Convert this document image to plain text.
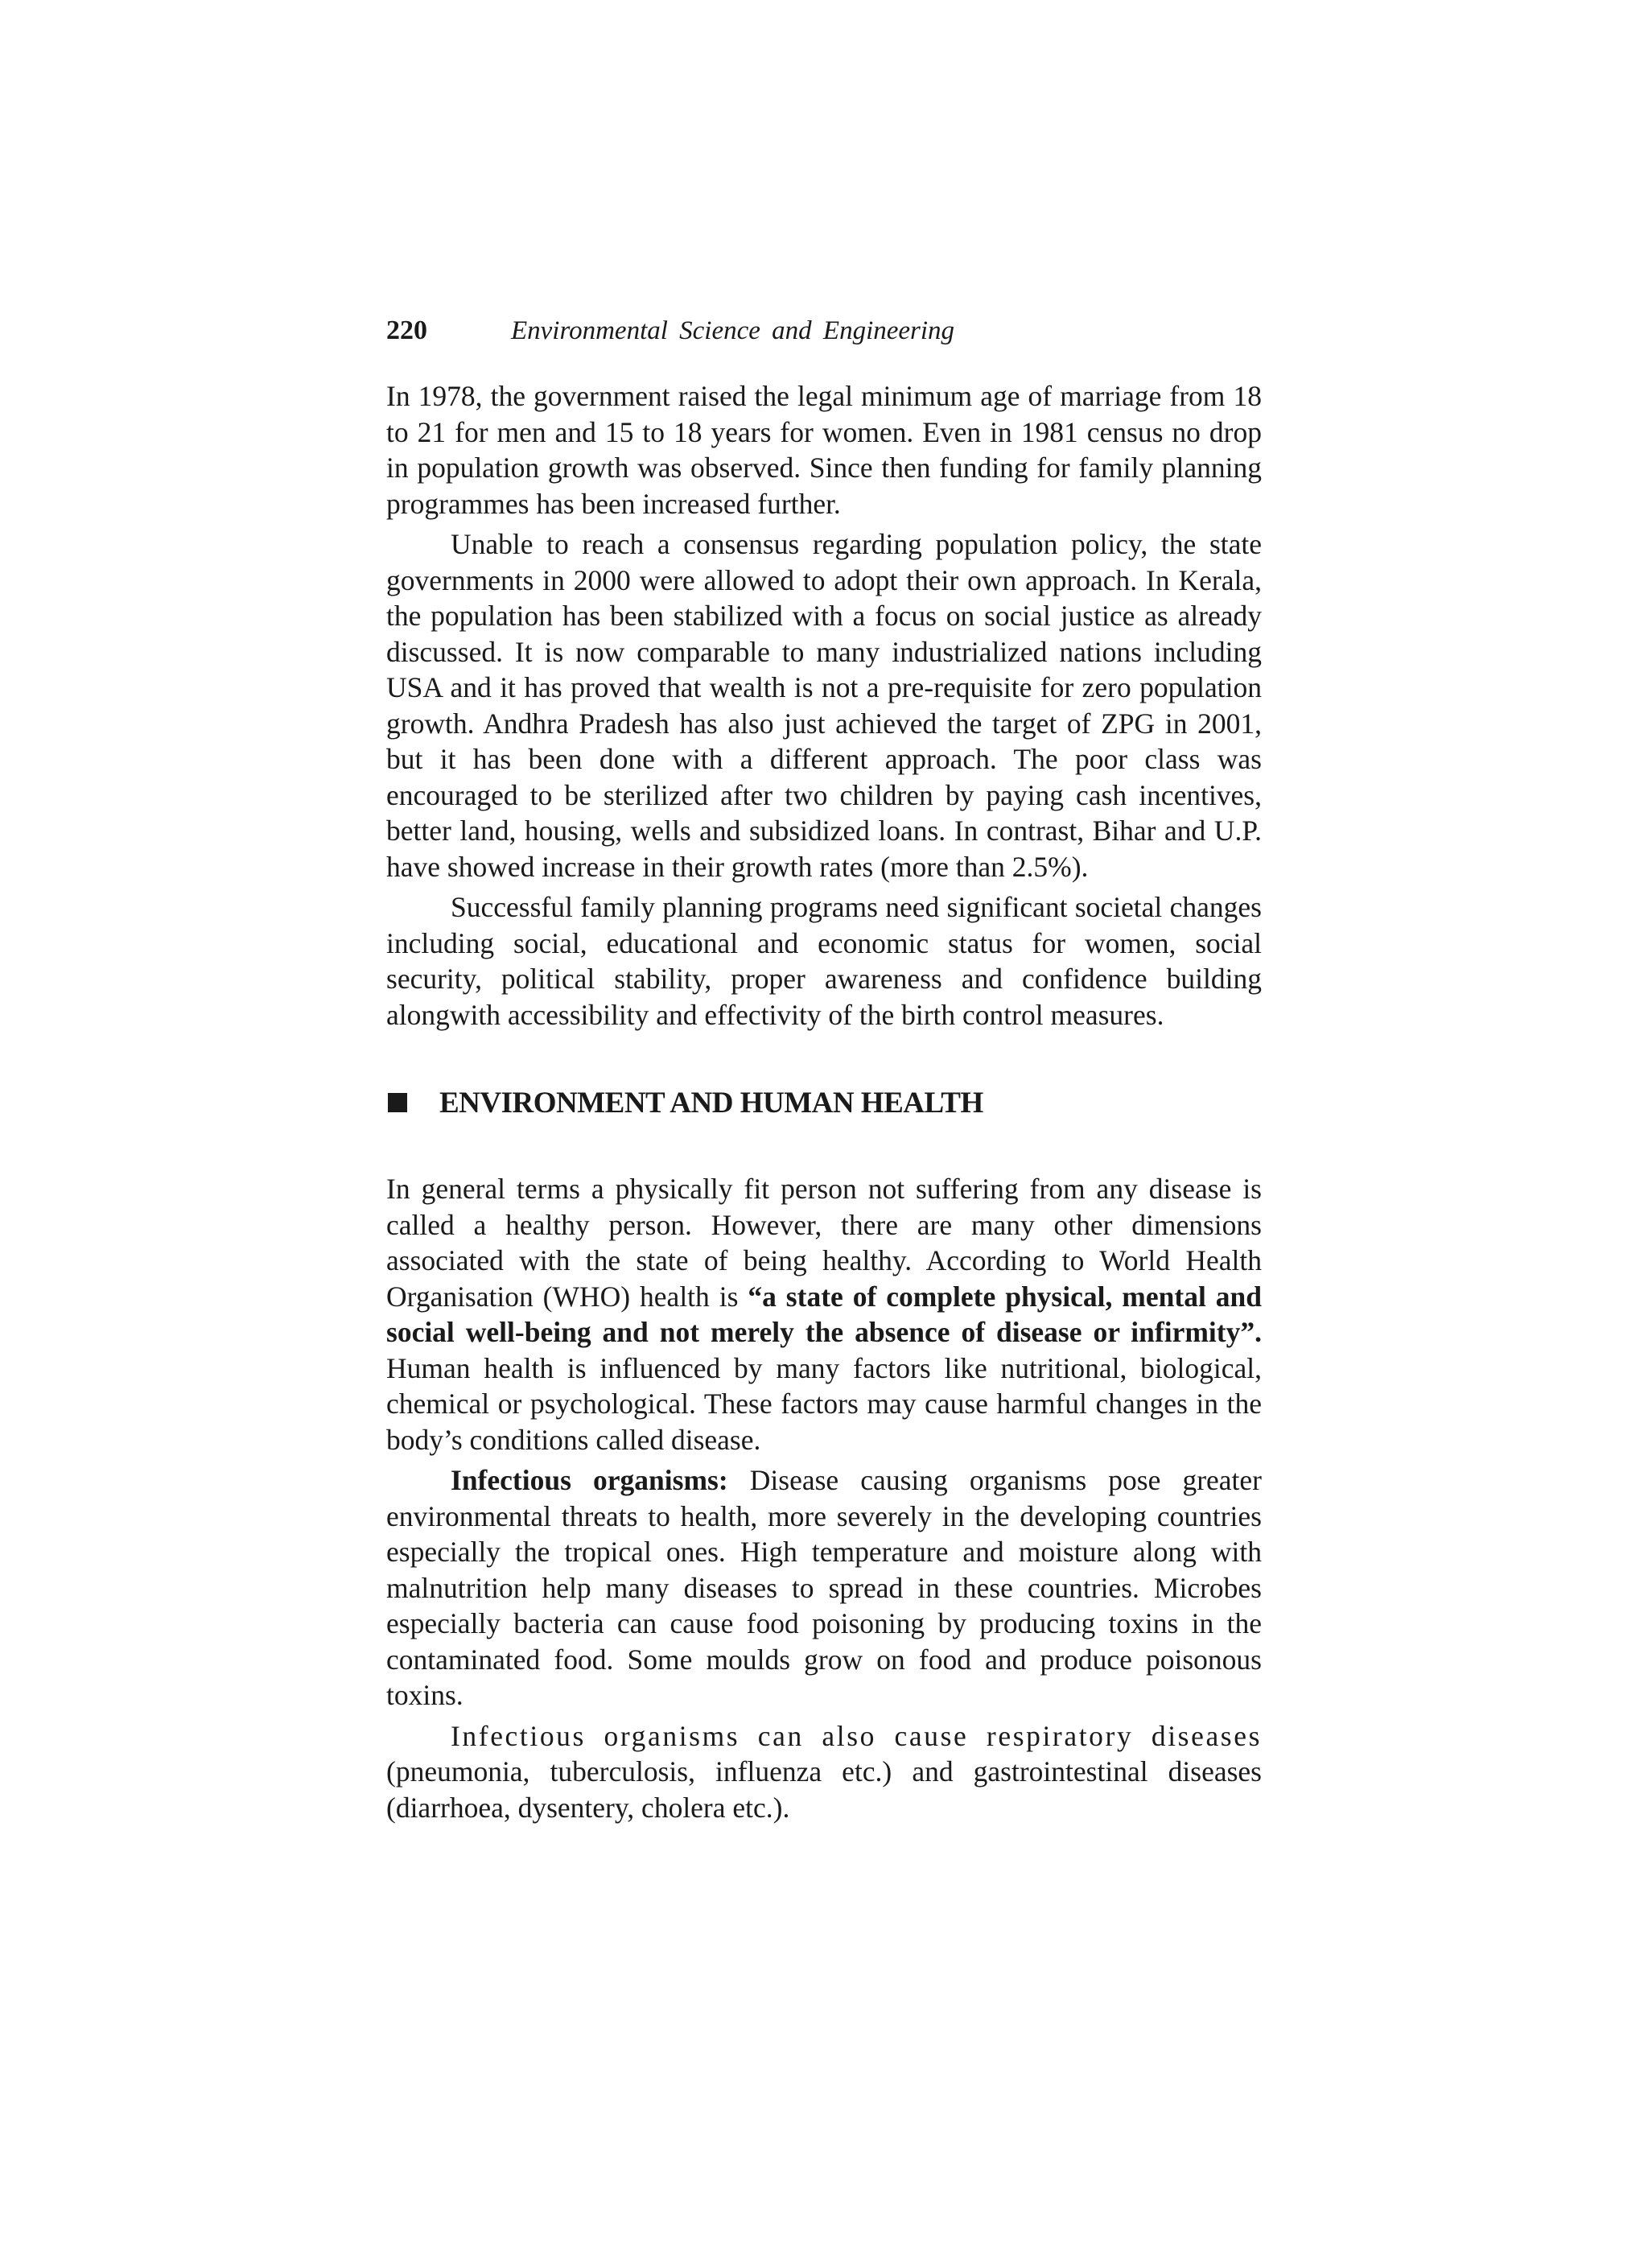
220	Environmental Science and Engineering

In 1978, the government raised the legal minimum age of marriage from 18 to 21 for men and 15 to 18 years for women. Even in 1981 census no drop in population growth was observed. Since then funding for family planning programmes has been increased further.

Unable to reach a consensus regarding population policy, the state governments in 2000 were allowed to adopt their own approach. In Kerala, the population has been stabilized with a focus on social justice as already discussed. It is now comparable to many industrialized nations including USA and it has proved that wealth is not a pre-requisite for zero population growth. Andhra Pradesh has also just achieved the target of ZPG in 2001, but it has been done with a different approach. The poor class was encouraged to be sterilized after two children by paying cash incentives, better land, housing, wells and subsidized loans. In contrast, Bihar and U.P. have showed increase in their growth rates (more than 2.5%).

Successful family planning programs need significant societal changes including social, educational and economic status for women, social security, political stability, proper awareness and confidence building alongwith accessibility and effectivity of the birth control measures.

ENVIRONMENT AND HUMAN HEALTH

In general terms a physically fit person not suffering from any disease is called a healthy person. However, there are many other dimensions associated with the state of being healthy. According to World Health Organisation (WHO) health is “a state of complete physical, mental and social well-being and not merely the absence of disease or infirmity”. Human health is influenced by many factors like nutritional, biological, chemical or psychological. These factors may cause harmful changes in the body’s conditions called disease.

Infectious organisms: Disease causing organisms pose greater environmental threats to health, more severely in the developing countries especially the tropical ones. High temperature and moisture along with malnutrition help many diseases to spread in these countries. Microbes especially bacteria can cause food poisoning by producing toxins in the contaminated food. Some moulds grow on food and produce poisonous toxins.

Infectious organisms can also cause respiratory diseases (pneumonia, tuberculosis, influenza etc.) and gastrointestinal diseases (diarrhoea, dysentery, cholera etc.).
